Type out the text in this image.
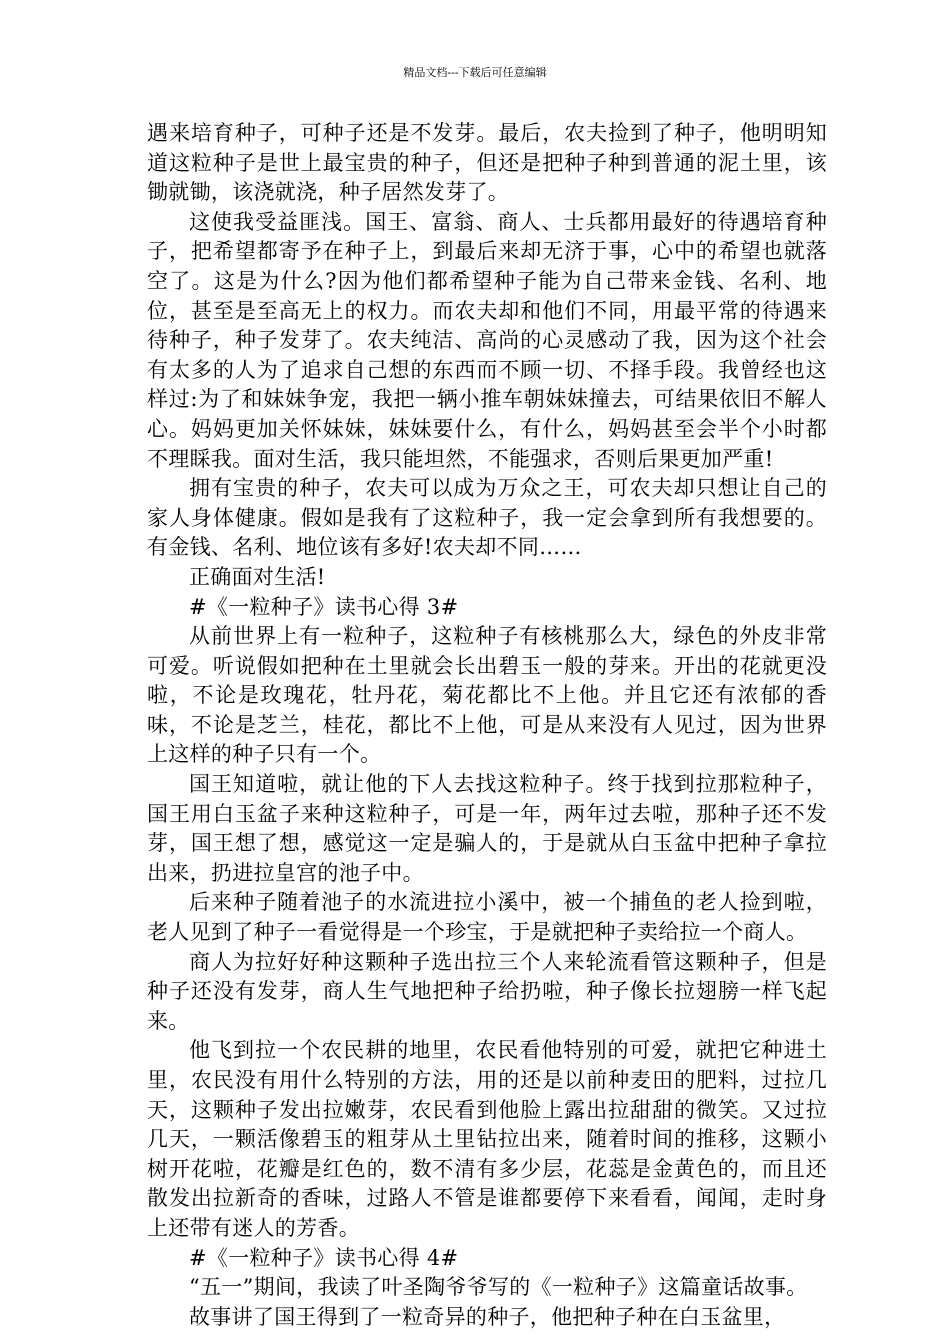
精品文档---下载后可任意编辑

遇来培育种子，可种子还是不发芽。最后，农夫捡到了种子，他明明知道这粒种子是世上最宝贵的种子，但还是把种子种到普通的泥土里，该锄就锄，该浇就浇，种子居然发芽了。

这使我受益匪浅。国王、富翁、商人、士兵都用最好的待遇培育种子，把希望都寄予在种子上，到最后来却无济于事，心中的希望也就落空了。这是为什么?因为他们都希望种子能为自己带来金钱、名利、地位，甚至是至高无上的权力。而农夫却和他们不同，用最平常的待遇来待种子，种子发芽了。农夫纯洁、高尚的心灵感动了我，因为这个社会有太多的人为了追求自己想的东西而不顾一切、不择手段。我曾经也这样过:为了和妹妹争宠，我把一辆小推车朝妹妹撞去，可结果依旧不解人心。妈妈更加关怀妹妹，妹妹要什么，有什么，妈妈甚至会半个小时都不理睬我。面对生活，我只能坦然，不能强求，否则后果更加严重!

拥有宝贵的种子，农夫可以成为万众之王，可农夫却只想让自己的家人身体健康。假如是我有了这粒种子，我一定会拿到所有我想要的。有金钱、名利、地位该有多好!农夫却不同……

正确面对生活!

#《一粒种子》读书心得 3#

从前世界上有一粒种子，这粒种子有核桃那么大，绿色的外皮非常可爱。听说假如把种在土里就会长出碧玉一般的芽来。开出的花就更没啦，不论是玫瑰花，牡丹花，菊花都比不上他。并且它还有浓郁的香味，不论是芝兰，桂花，都比不上他，可是从来没有人见过，因为世界上这样的种子只有一个。

国王知道啦，就让他的下人去找这粒种子。终于找到拉那粒种子，国王用白玉盆子来种这粒种子，可是一年，两年过去啦，那种子还不发芽，国王想了想，感觉这一定是骗人的，于是就从白玉盆中把种子拿拉出来，扔进拉皇宫的池子中。

后来种子随着池子的水流进拉小溪中，被一个捕鱼的老人捡到啦，老人见到了种子一看觉得是一个珍宝，于是就把种子卖给拉一个商人。

商人为拉好好种这颗种子选出拉三个人来轮流看管这颗种子，但是种子还没有发芽，商人生气地把种子给扔啦，种子像长拉翅膀一样飞起来。

他飞到拉一个农民耕的地里，农民看他特别的可爱，就把它种进土里，农民没有用什么特别的方法，用的还是以前种麦田的肥料，过拉几天，这颗种子发出拉嫩芽，农民看到他脸上露出拉甜甜的微笑。又过拉几天，一颗活像碧玉的粗芽从土里钻拉出来，随着时间的推移，这颗小树开花啦，花瓣是红色的，数不清有多少层，花蕊是金黄色的，而且还散发出拉新奇的香味，过路人不管是谁都要停下来看看，闻闻，走时身上还带有迷人的芳香。

#《一粒种子》读书心得 4#

“五一”期间，我读了叶圣陶爷爷写的《一粒种子》这篇童话故事。

故事讲了国王得到了一粒奇异的种子，他把种子种在白玉盆里，
